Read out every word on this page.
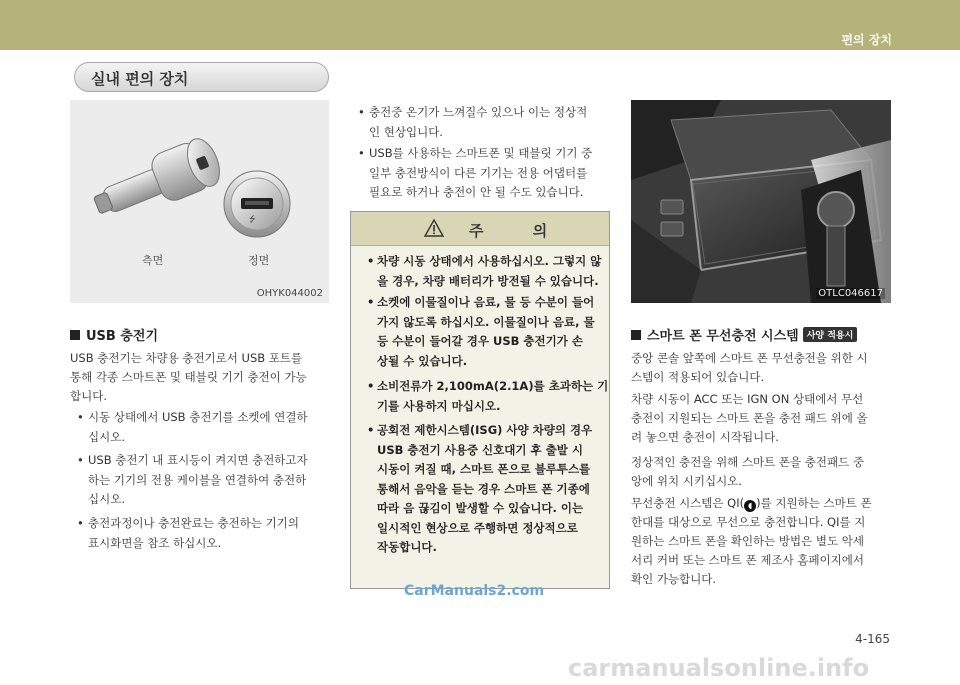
편의 장치
실내 편의 장치
⭍
측면	정면
OHYK044002
USB 충전기
USB 충전기는 차량용 충전기로서 USB 포트를
통해 각종 스마트폰 및 태블릿 기기 충전이 가능
합니다.
• 시동 상태에서 USB 충전기를 소켓에 연결하
십시오.
• USB 충전기 내 표시등이 켜지면 충전하고자
하는 기기의 전용 케이블을 연결하여 충전하
십시오.
• 충전과정이나 충전완료는 충전하는 기기의
표시화면을 참조 하십시오.
• 충전중 온기가 느껴질수 있으나 이는 정상적
인 현상입니다.
• USB를 사용하는 스마트폰 및 태블릿 기기 중
일부 충전방식이 다른 기기는 전용 어댑터를
필요로 하거나 충전이 안 될 수도 있습니다.
주 의
• 차량 시동 상태에서 사용하십시오. 그렇지 않
을 경우, 차량 배터리가 방전될 수 있습니다.
• 소켓에 이물질이나 음료, 물 등 수분이 들어
가지 않도록 하십시오. 이물질이나 음료, 물
등 수분이 들어갈 경우 USB 충전기가 손
상될 수 있습니다.
• 소비전류가 2,100mA(2.1A)를 초과하는 기
기를 사용하지 마십시오.
• 공회전 제한시스템(ISG) 사양 차량의 경우
USB 충전기 사용중 신호대기 후 출발 시
시동이 켜질 때, 스마트 폰으로 블루투스를
통해서 음악을 듣는 경우 스마트 폰 기종에
따라 음 끊김이 발생할 수 있습니다. 이는
일시적인 현상으로 주행하면 정상적으로
작동합니다.
OTLC046617
스마트 폰 무선충전 시스템 사양 적용시
중앙 콘솔 앞쪽에 스마트 폰 무선충전을 위한 시
스템이 적용되어 있습니다.
차량 시동이 ACC 또는 IGN ON 상태에서 무선
충전이 지원되는 스마트 폰을 충전 패드 위에 올
려 놓으면 충전이 시작됩니다.
정상적인 충전을 위해 스마트 폰을 충전패드 중
앙에 위치 시키십시오.
무선충전 시스템은 QI( ◖ )를 지원하는 스마트 폰
한대를 대상으로 무선으로 충전합니다. QI를 지
원하는 스마트 폰을 확인하는 방법은 별도 악세
서리 커버 또는 스마트 폰 제조사 홈페이지에서
확인 가능합니다.
4-165
CarManuals2.com
carmanualsonline.info
